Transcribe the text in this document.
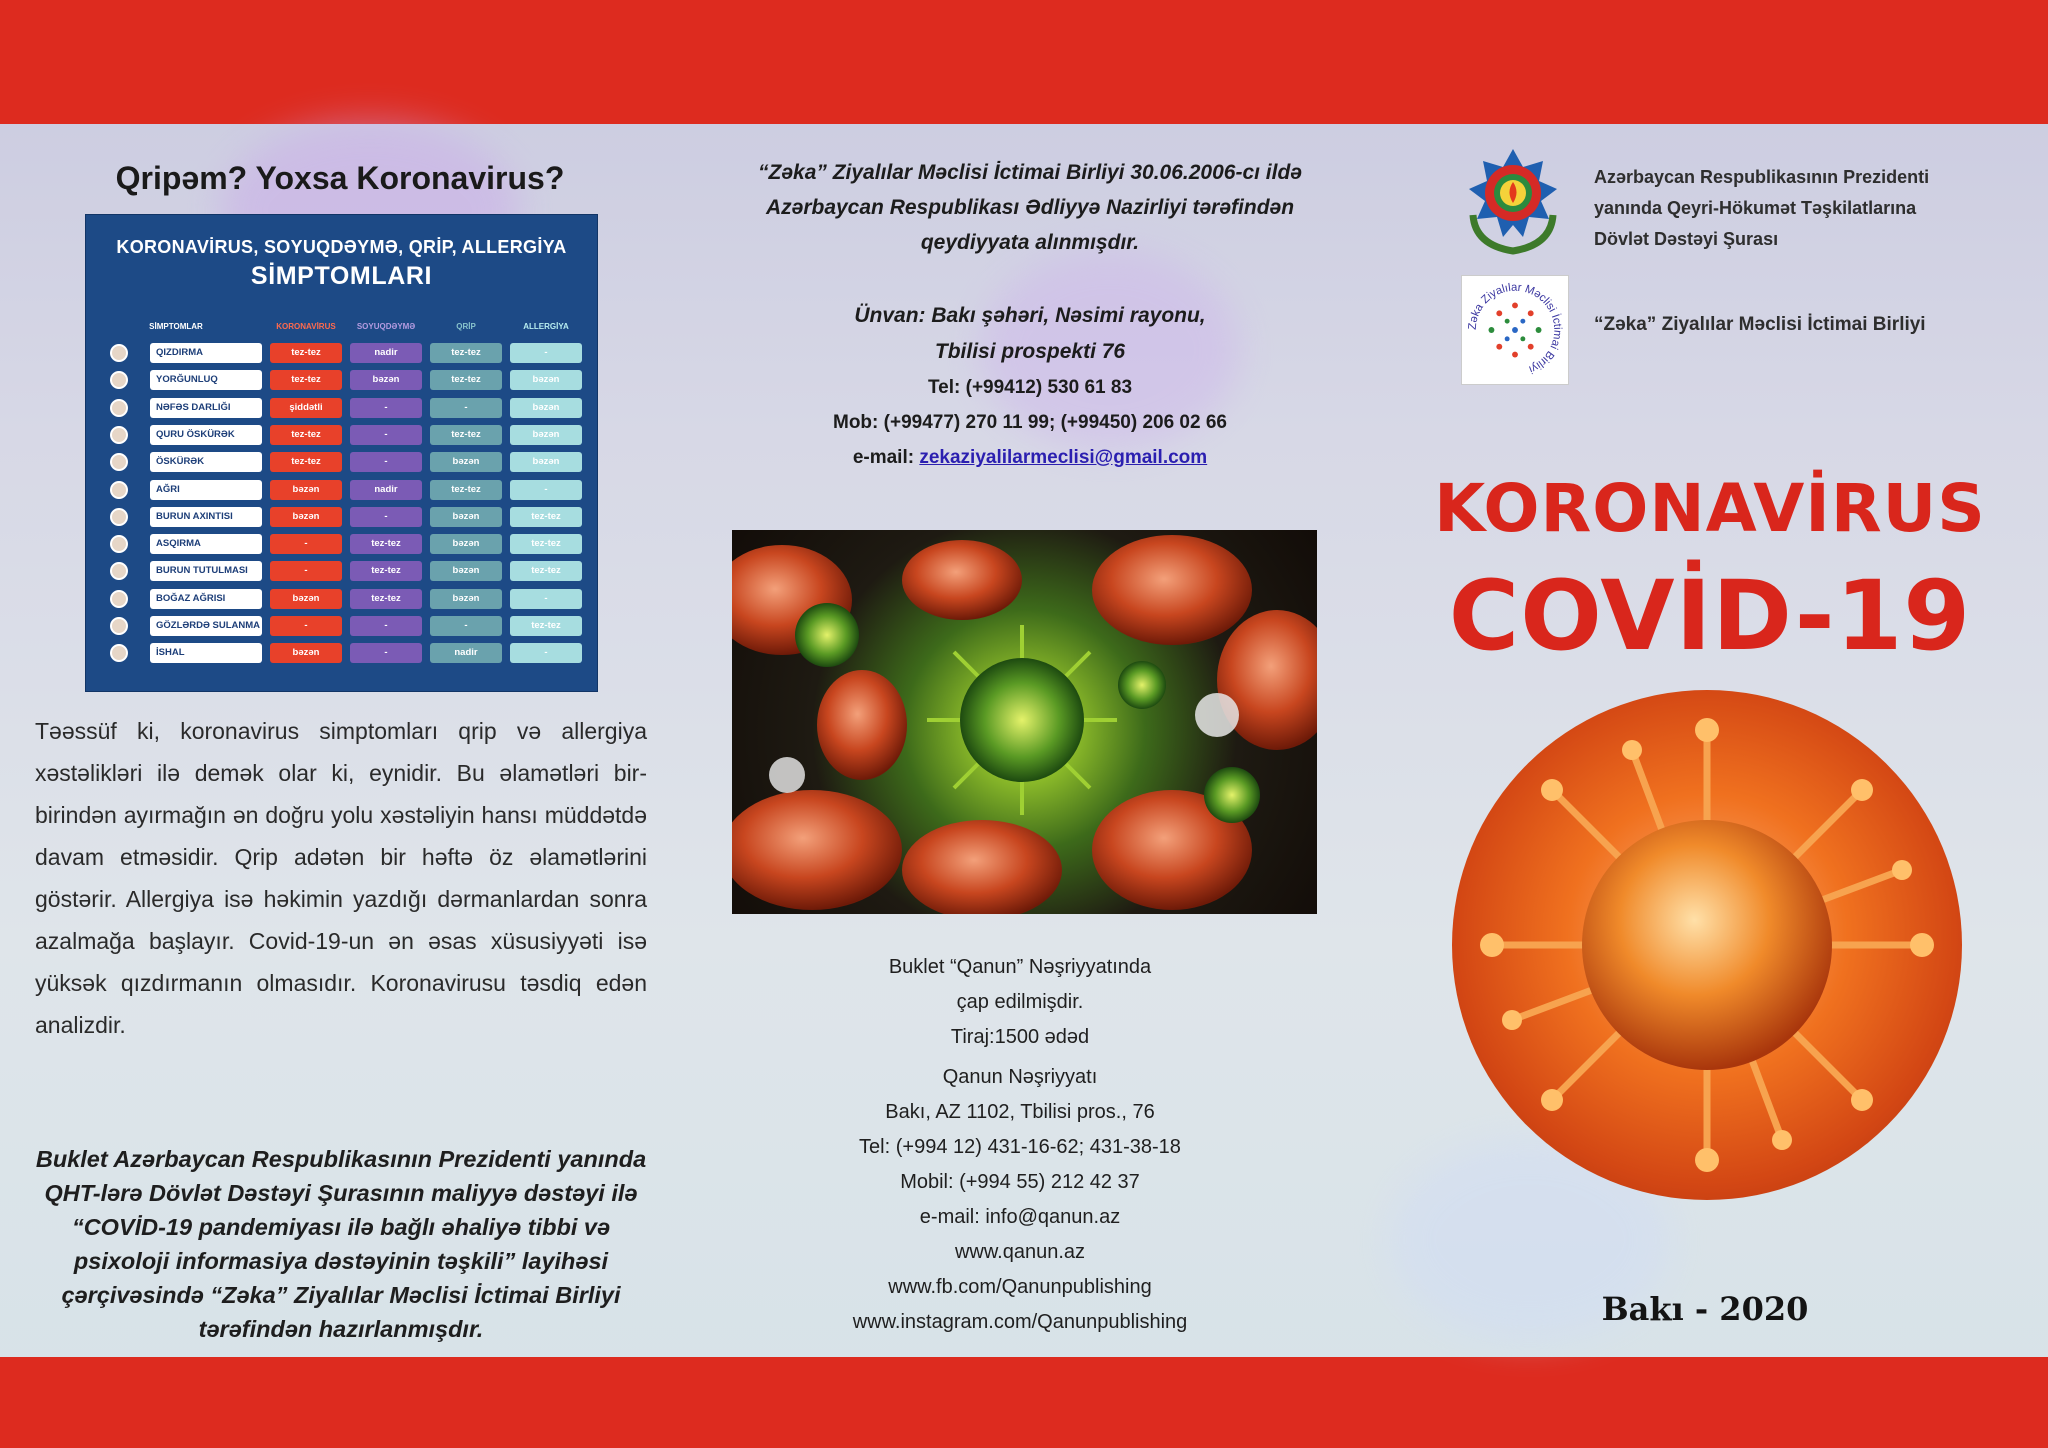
Qripəm? Yoxsa Koronavirus?
KORONAVİRUS, SOYUQDƏYMƏ, QRİP, ALLERGİYA
SİMPTOMLARI
SİMPTOMLAR	KORONAVİRUS	SOYUQDƏYMƏ	QRİP	ALLERGİYA
QIZDIRMA	tez-tez	nadir	tez-tez	-
YORĞUNLUQ	tez-tez	bəzən	tez-tez	bəzən
NƏFƏS DARLIĞI	şiddətli	-	-	bəzən
QURU ÖSKÜRƏK	tez-tez	-	tez-tez	bəzən
ÖSKÜRƏK	tez-tez	-	bəzən	bəzən
AĞRI	bəzən	nadir	tez-tez	-
BURUN AXINTISI	bəzən	-	bəzən	tez-tez
ASQIRMA	-	tez-tez	bəzən	tez-tez
BURUN TUTULMASI	-	tez-tez	bəzən	tez-tez
BOĞAZ AĞRISI	bəzən	tez-tez	bəzən	-
GÖZLƏRDƏ SULANMA	-	-	-	tez-tez
İSHAL	bəzən	-	nadir	-

Təəssüf ki, koronavirus simptomları qrip və allergiya xəstəlikləri ilə demək olar ki, eynidir. Bu əlamətləri bir-birindən ayırmağın ən doğru yolu xəstəliyin hansı müddətdə davam etməsidir. Qrip adətən bir həftə öz əlamətlərini göstərir. Allergiya isə həkimin yazdığı dərmanlardan sonra azalmağa başlayır. Covid-19-un ən əsas xüsusiyyəti isə yüksək qızdırmanın olmasıdır. Koronavirusu təsdiq edən analizdir.

Buklet Azərbaycan Respublikasının Prezidenti yanında QHT-lərə Dövlət Dəstəyi Şurasının maliyyə dəstəyi ilə “COVİD-19 pandemiyası ilə bağlı əhaliyə tibbi və psixoloji informasiya dəstəyinin təşkili” layihəsi çərçivəsində “Zəka” Ziyalılar Məclisi İctimai Birliyi tərəfindən hazırlanmışdır.

“Zəka” Ziyalılar Məclisi İctimai Birliyi 30.06.2006-cı ildə Azərbaycan Respublikası Ədliyyə Nazirliyi tərəfindən qeydiyyata alınmışdır.

Ünvan: Bakı şəhəri, Nəsimi rayonu,
Tbilisi prospekti 76
Tel: (+99412) 530 61 83
Mob: (+99477) 270 11 99; (+99450) 206 02 66
e-mail: zekaziyalilarmeclisi@gmail.com
Buklet “Qanun” Nəşriyyatında
çap edilmişdir.
Tiraj:1500 ədəd
Qanun Nəşriyyatı
Bakı, AZ 1102, Tbilisi pros., 76
Tel: (+994 12) 431-16-62; 431-38-18
Mobil: (+994 55) 212 42 37
e-mail: info@qanun.az
www.qanun.az
www.fb.com/Qanunpublishing
www.instagram.com/Qanunpublishing
Zəka Ziyalılar Məclisi İctimai Birliyi
Azərbaycan Respublikasının Prezidenti
yanında Qeyri-Hökumət Təşkilatlarına
Dövlət Dəstəyi Şurası
“Zəka” Ziyalılar Məclisi İctimai Birliyi
KORONAVİRUS
COVİD-19
Bakı - 2020
